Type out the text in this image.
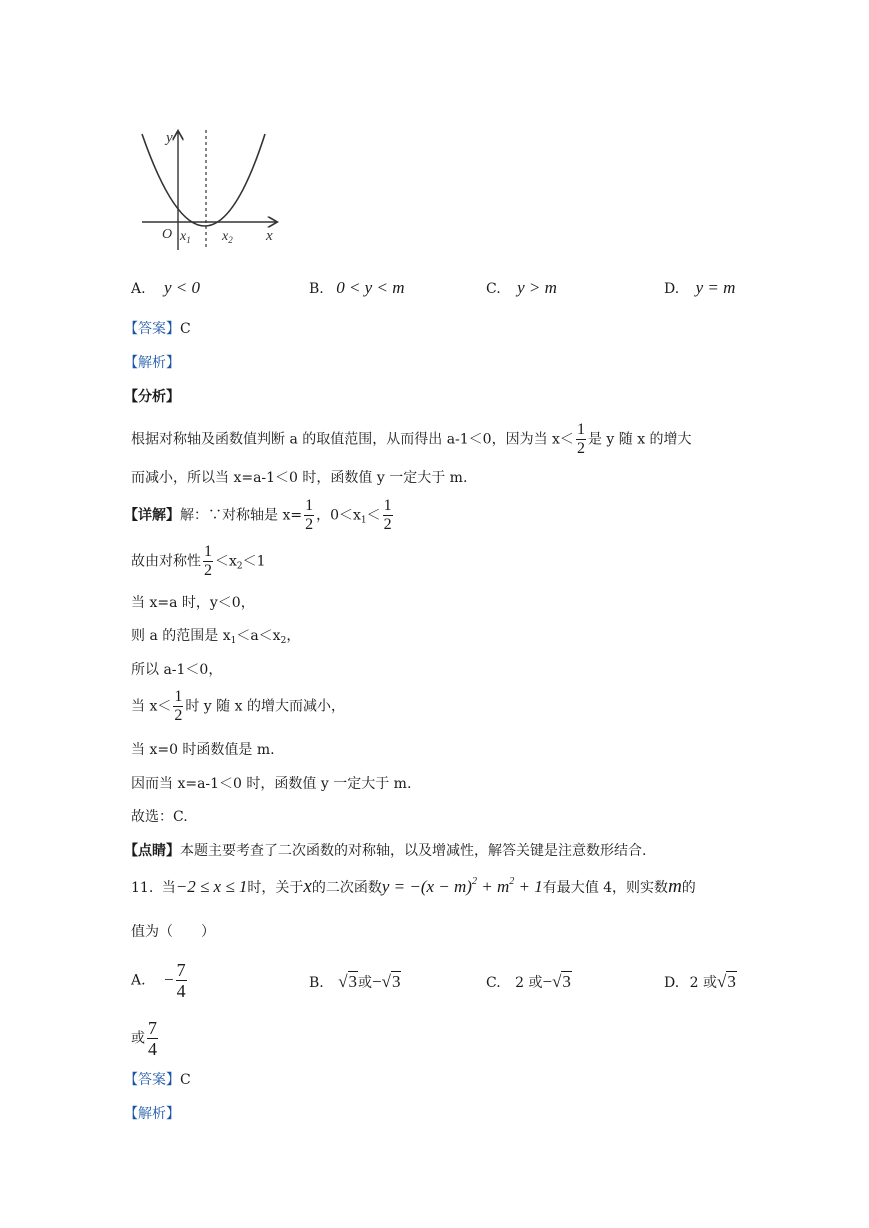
y
O $x_1$ $x_2$ x
A. y < 0	B. 0 < y < m	C. y > m	D. y = m
【答案】C
【解析】
【分析】
根据对称轴及函数值判断 a 的取值范围，从而得出 a-1＜0，因为当 $x< \frac{1}{2}$ 是 y 随 x 的增大
而减小，所以当 x=a-1＜0 时，函数值 y 一定大于 m.
【详解】解：∵对称轴是 $x= \frac{1}{2}$ ，$0<x_1< \frac{1}{2}$
故由对称性 $\frac{1}{2} <x_2<1$
当 x=a 时，y＜0，
则 a 的范围是 $x_1<a<x_2$，
所以 a-1＜0，
当 $x< \frac{1}{2}$ 时 y 随 x 的增大而减小，
当 x=0 时函数值是 m.
因而当 x=a-1＜0 时，函数值 y 一定大于 m.
故选：C.
【点睛】本题主要考查了二次函数的对称轴，以及增减性，解答关键是注意数形结合.
11. 当−2 ≤ x ≤ 1时，关于x的二次函数$y = -(x - m)^2 + m^2 + 1$有最大值 4，则实数m的
值为（　　）
A. − $\frac{7}{4}$	B. √3或−√3	C. 2 或−√3	D. 2 或√3
或 $\frac{7}{4}$
【答案】C
【解析】
